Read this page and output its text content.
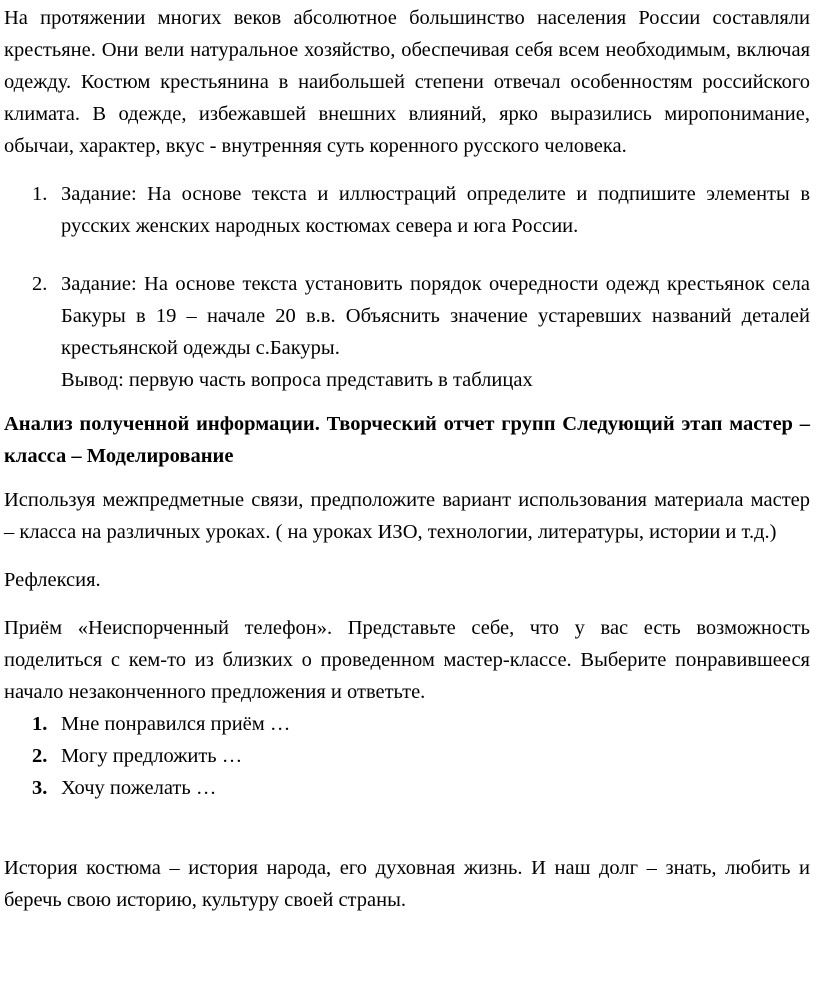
На протяжении многих веков абсолютное большинство населения России составляли крестьяне. Они вели натуральное хозяйство, обеспечивая себя всем необходимым, включая одежду. Костюм крестьянина в наибольшей степени отвечал особенностям российского климата. В одежде, избежавшей внешних влияний, ярко выразились миропонимание, обычаи, характер, вкус - внутренняя суть коренного русского человека.

1. Задание: На основе текста и иллюстраций определите и подпишите элементы в русских женских народных костюмах севера и юга России.

2. Задание: На основе текста установить порядок очередности одежд крестьянок села Бакуры в 19 – начале 20 в.в. Объяснить значение устаревших названий деталей крестьянской одежды с.Бакуры.

Вывод: первую часть вопроса представить в таблицах

Анализ полученной информации. Творческий отчет групп Следующий этап мастер – класса – Моделирование

Используя межпредметные связи, предположите вариант использования материала мастер – класса на различных уроках. ( на уроках ИЗО, технологии, литературы, истории и т.д.)

Рефлексия.

Приём «Неиспорченный телефон». Представьте себе, что у вас есть возможность поделиться с кем-то из близких о проведенном мастер-классе. Выберите понравившееся начало незаконченного предложения и ответьте.

1. Мне понравился приём …
2. Могу предложить …
3. Хочу пожелать …

История костюма – история народа, его духовная жизнь. И наш долг – знать, любить и беречь свою историю, культуру своей страны.
